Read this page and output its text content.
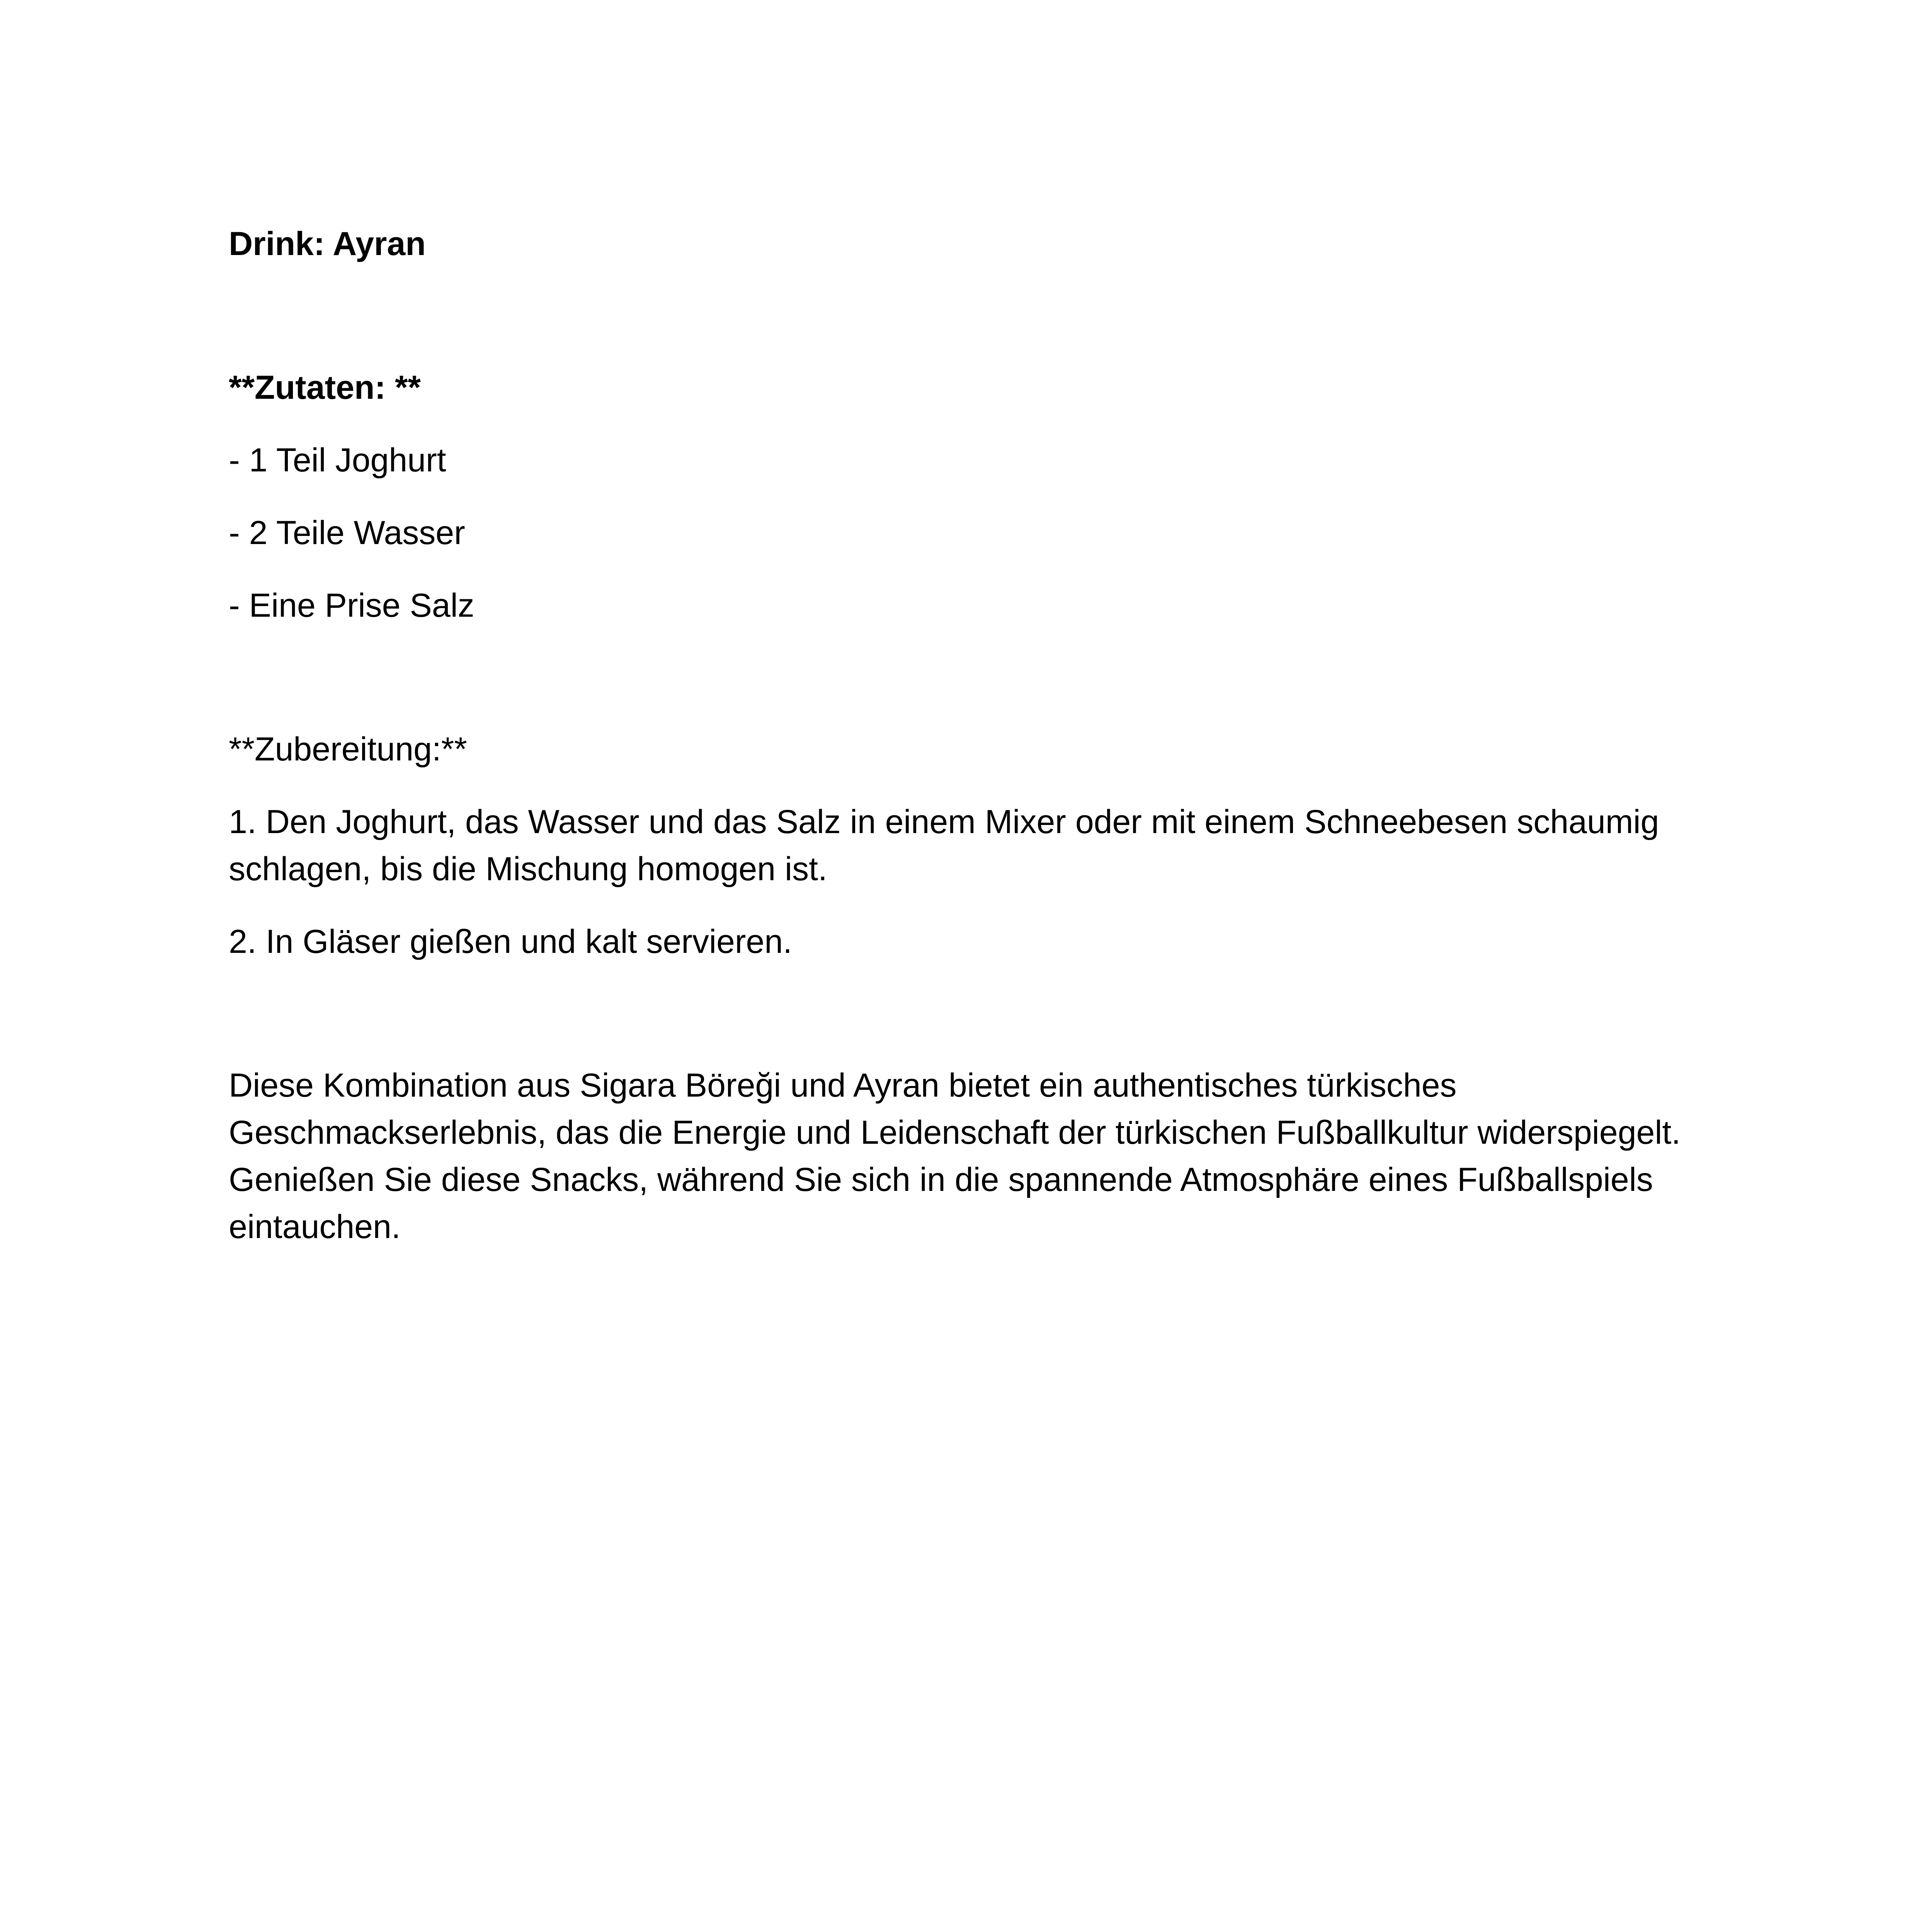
Drink: Ayran

**Zutaten: **

- 1 Teil Joghurt

- 2 Teile Wasser

- Eine Prise Salz

**Zubereitung:**

1. Den Joghurt, das Wasser und das Salz in einem Mixer oder mit einem Schneebesen schaumig schlagen, bis die Mischung homogen ist.

2. In Gläser gießen und kalt servieren.

Diese Kombination aus Sigara Böreği und Ayran bietet ein authentisches türkisches Geschmackserlebnis, das die Energie und Leidenschaft der türkischen Fußballkultur widerspiegelt. Genießen Sie diese Snacks, während Sie sich in die spannende Atmosphäre eines Fußballspiels eintauchen.
